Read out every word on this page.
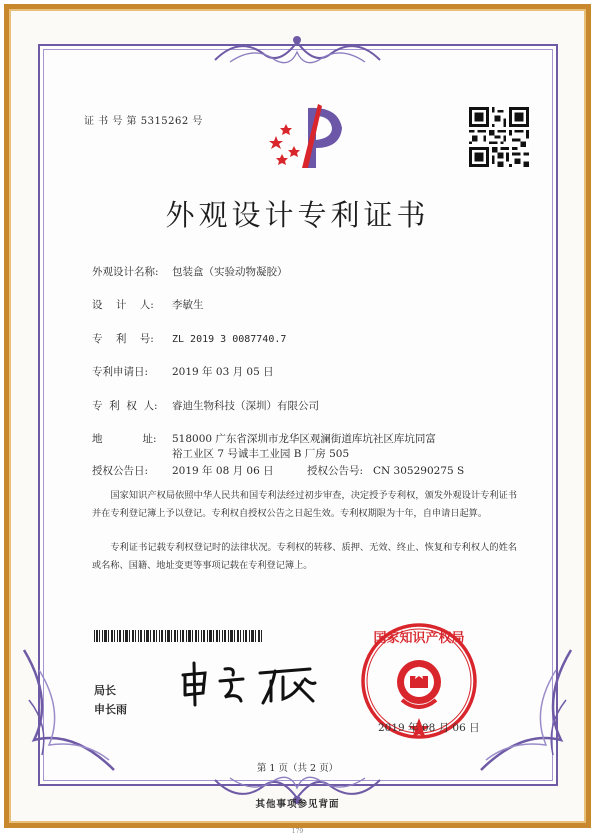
证 书 号 第 5315262 号
外观设计专利证书
外观设计名称: 包装盒（实验动物凝胶）
设    计    人: 李敏生
专    利    号: ZL 2019 3 0087740.7
专利申请日: 2019 年 03 月 05 日
专  利  权  人: 睿迪生物科技（深圳）有限公司
地            址: 518000 广东省深圳市龙华区观澜街道库坑社区库坑同富
裕工业区 7 号诚丰工业园 B 厂房 505
授权公告日: 2019 年 08 月 06 日	授权公告号: CN 305290275 S
国家知识产权局依照中华人民共和国专利法经过初步审查，决定授予专利权，颁发外观设计专利证书并在专利登记簿上予以登记。专利权自授权公告之日起生效。专利权期限为十年，自申请日起算。
专利证书记载专利权登记时的法律状况。专利权的转移、质押、无效、终止、恢复和专利权人的姓名或名称、国籍、地址变更等事项记载在专利登记簿上。
局长
申长雨
国家知识产权局
2019 年 08 月 06 日
第 1 页（共 2 页）
其他事项参见背面
179
